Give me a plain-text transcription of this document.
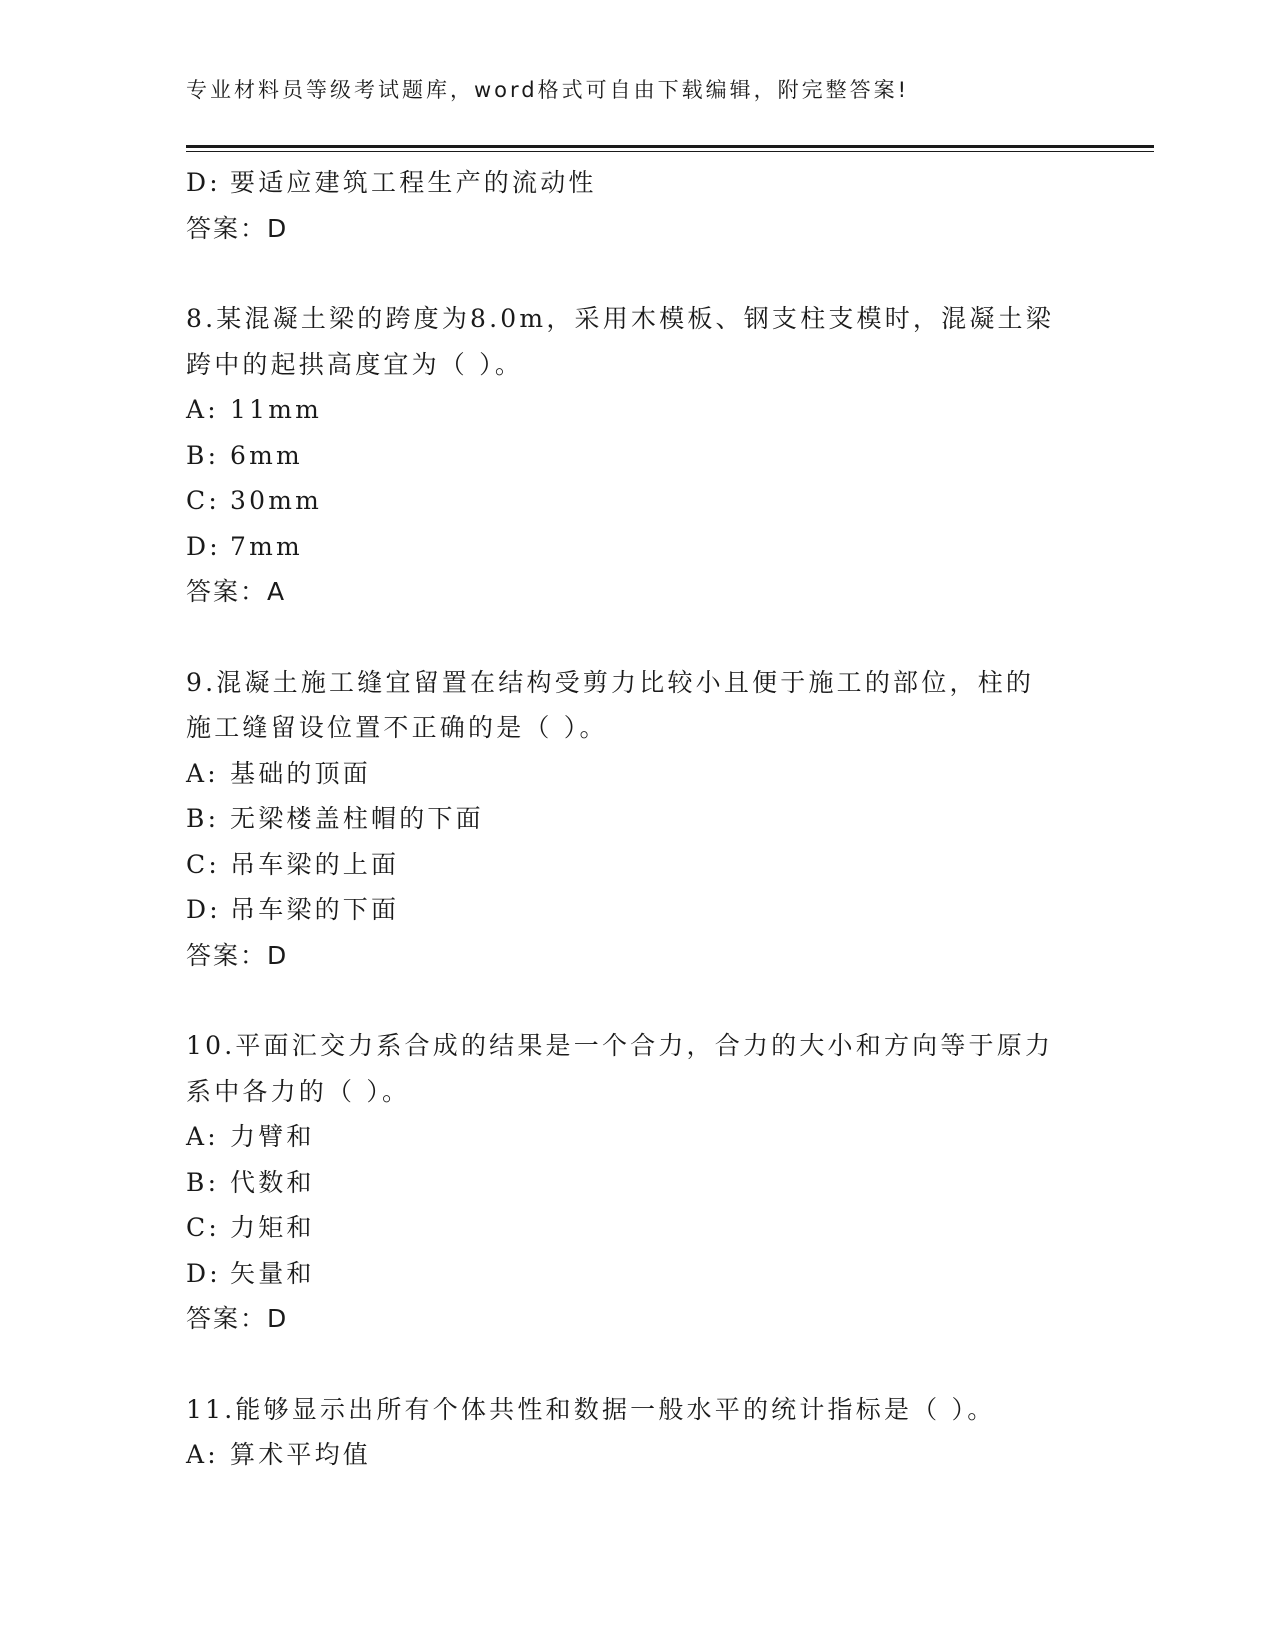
专业材料员等级考试题库，word格式可自由下载编辑，附完整答案!
D: 要适应建筑工程生产的流动性
答案：D
8.某混凝土梁的跨度为8.0m，采用木模板、钢支柱支模时，混凝土梁
跨中的起拱高度宜为（ ）。
A: 11mm
B: 6mm
C: 30mm
D: 7mm
答案：A
9.混凝土施工缝宜留置在结构受剪力比较小且便于施工的部位，柱的
施工缝留设位置不正确的是（ ）。
A: 基础的顶面
B: 无梁楼盖柱帽的下面
C: 吊车梁的上面
D: 吊车梁的下面
答案：D
10.平面汇交力系合成的结果是一个合力，合力的大小和方向等于原力
系中各力的（ ）。
A: 力臂和
B: 代数和
C: 力矩和
D: 矢量和
答案：D
11.能够显示出所有个体共性和数据一般水平的统计指标是（ ）。
A: 算术平均值
